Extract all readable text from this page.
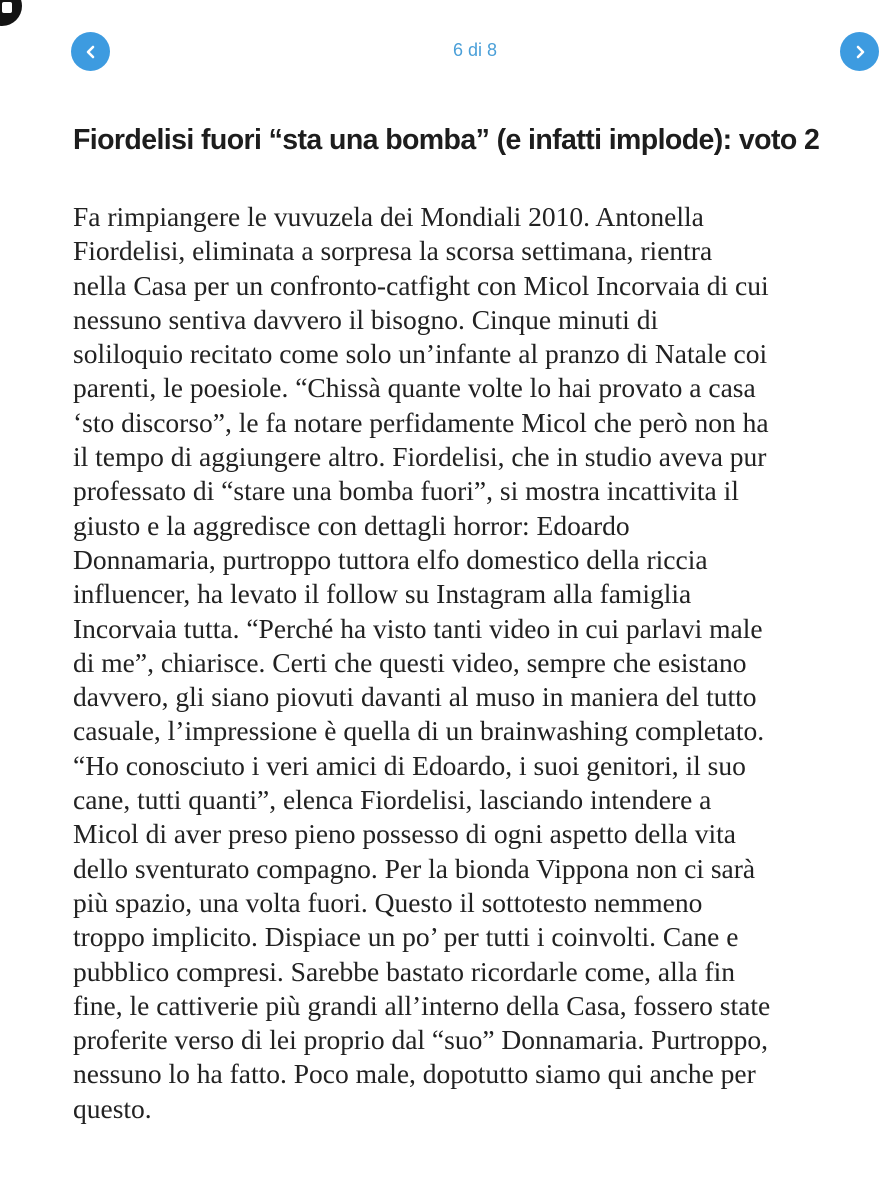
6 di 8
Fiordelisi fuori “sta una bomba” (e infatti implode): voto 2
Fa rimpiangere le vuvuzela dei Mondiali 2010. Antonella
Fiordelisi, eliminata a sorpresa la scorsa settimana, rientra
nella Casa per un confronto-catfight con Micol Incorvaia di cui
nessuno sentiva davvero il bisogno. Cinque minuti di
soliloquio recitato come solo un’infante al pranzo di Natale coi
parenti, le poesiole. “Chissà quante volte lo hai provato a casa
‘sto discorso”, le fa notare perfidamente Micol che però non ha
il tempo di aggiungere altro. Fiordelisi, che in studio aveva pur
professato di “stare una bomba fuori”, si mostra incattivita il
giusto e la aggredisce con dettagli horror: Edoardo
Donnamaria, purtroppo tuttora elfo domestico della riccia
influencer, ha levato il follow su Instagram alla famiglia
Incorvaia tutta. “Perché ha visto tanti video in cui parlavi male
di me”, chiarisce. Certi che questi video, sempre che esistano
davvero, gli siano piovuti davanti al muso in maniera del tutto
casuale, l’impressione è quella di un brainwashing completato.
“Ho conosciuto i veri amici di Edoardo, i suoi genitori, il suo
cane, tutti quanti”, elenca Fiordelisi, lasciando intendere a
Micol di aver preso pieno possesso di ogni aspetto della vita
dello sventurato compagno. Per la bionda Vippona non ci sarà
più spazio, una volta fuori. Questo il sottotesto nemmeno
troppo implicito. Dispiace un po’ per tutti i coinvolti. Cane e
pubblico compresi. Sarebbe bastato ricordarle come, alla fin
fine, le cattiverie più grandi all’interno della Casa, fossero state
proferite verso di lei proprio dal “suo” Donnamaria. Purtroppo,
nessuno lo ha fatto. Poco male, dopotutto siamo qui anche per
questo.
